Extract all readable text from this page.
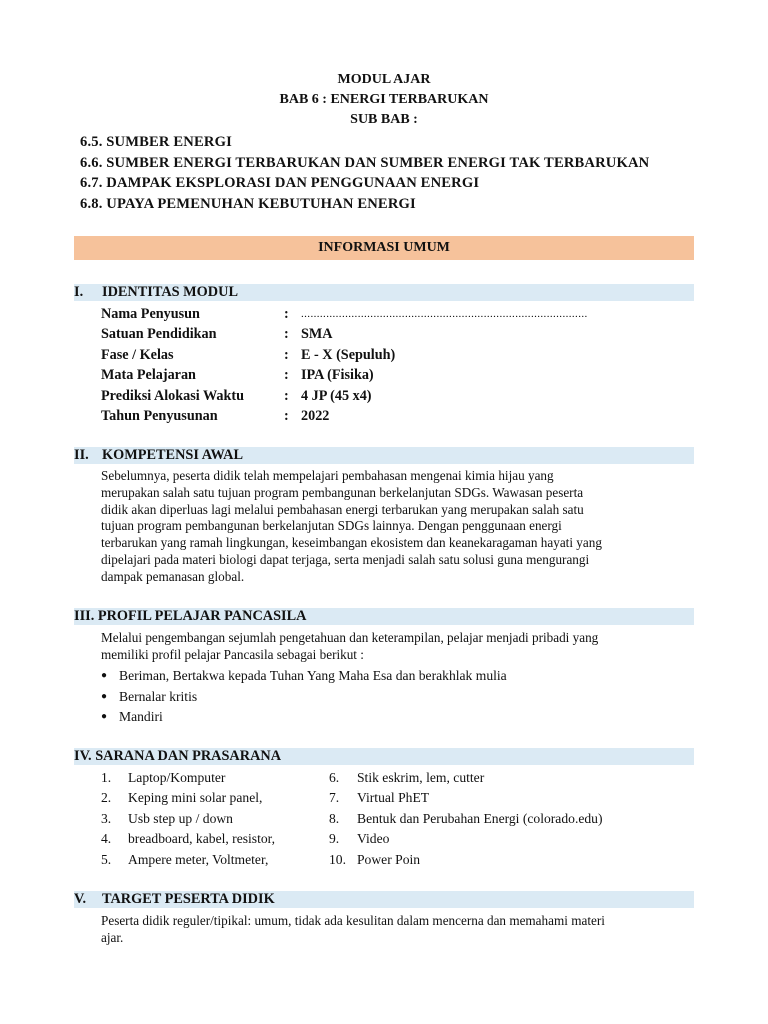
MODUL AJAR
BAB 6 : ENERGI TERBARUKAN
SUB BAB :
6.5. SUMBER ENERGI
6.6. SUMBER ENERGI TERBARUKAN DAN SUMBER ENERGI TAK TERBARUKAN
6.7. DAMPAK EKSPLORASI DAN PENGGUNAAN ENERGI
6.8. UPAYA PEMENUHAN KEBUTUHAN ENERGI
INFORMASI UMUM
I. IDENTITAS MODUL
Nama Penyusun	: ...........................................................................................
Satuan Pendidikan	: SMA
Fase / Kelas	: E - X (Sepuluh)
Mata Pelajaran	: IPA (Fisika)
Prediksi Alokasi Waktu	: 4 JP (45 x4)
Tahun Penyusunan	: 2022
II. KOMPETENSI AWAL
Sebelumnya, peserta didik telah mempelajari pembahasan mengenai kimia hijau yang
merupakan salah satu tujuan program pembangunan berkelanjutan SDGs. Wawasan peserta
didik akan diperluas lagi melalui pembahasan energi terbarukan yang merupakan salah satu
tujuan program pembangunan berkelanjutan SDGs lainnya. Dengan penggunaan energi
terbarukan yang ramah lingkungan, keseimbangan ekosistem dan keanekaragaman hayati yang
dipelajari pada materi biologi dapat terjaga, serta menjadi salah satu solusi guna mengurangi
dampak pemanasan global.
III. PROFIL PELAJAR PANCASILA
Melalui pengembangan sejumlah pengetahuan dan keterampilan, pelajar menjadi pribadi yang
memiliki profil pelajar Pancasila sebagai berikut :
● Beriman, Bertakwa kepada Tuhan Yang Maha Esa dan berakhlak mulia
● Bernalar kritis
● Mandiri
IV. SARANA DAN PRASARANA
1. Laptop/Komputer
2. Keping mini solar panel,
3. Usb step up / down
4. breadboard, kabel, resistor,
5. Ampere meter, Voltmeter,
6. Stik eskrim, lem, cutter
7. Virtual PhET
8. Bentuk dan Perubahan Energi (colorado.edu)
9. Video
10. Power Poin
V. TARGET PESERTA DIDIK
Peserta didik reguler/tipikal: umum, tidak ada kesulitan dalam mencerna dan memahami materi
ajar.
